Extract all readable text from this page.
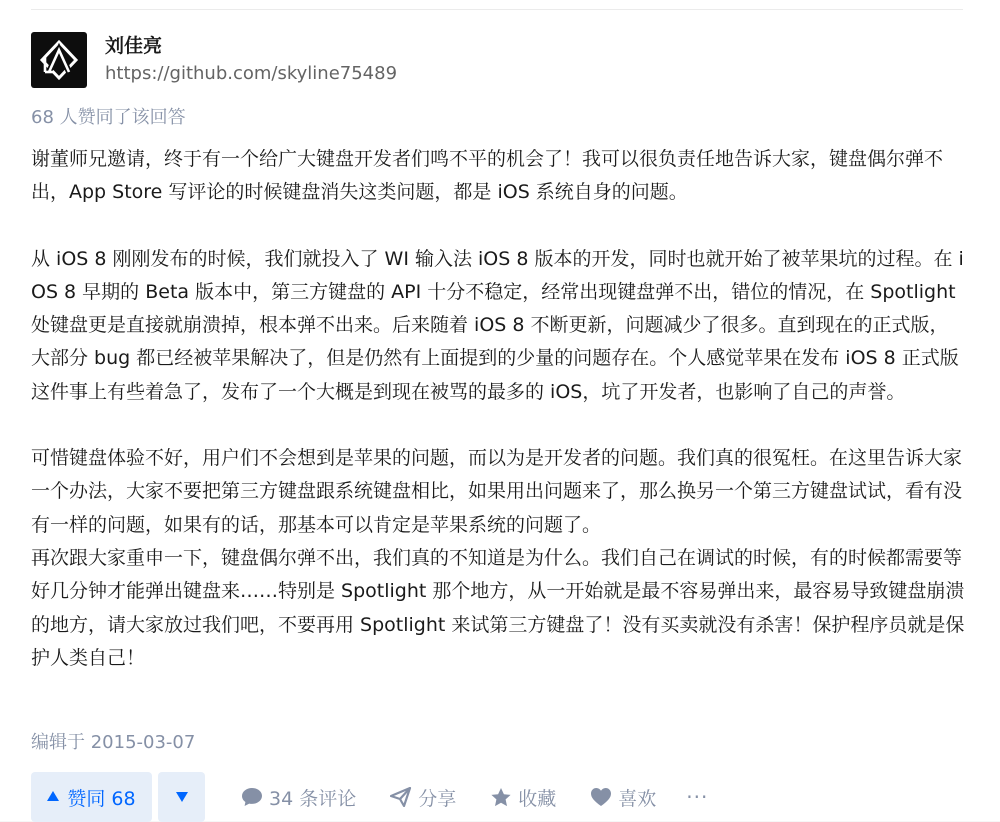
刘佳亮
https://github.com/skyline75489
68 人赞同了该回答

谢董师兄邀请，终于有一个给广大键盘开发者们鸣不平的机会了！我可以很负责任地告诉大家，键盘偶尔弹不出，App Store 写评论的时候键盘消失这类问题，都是 iOS 系统自身的问题。

从 iOS 8 刚刚发布的时候，我们就投入了 WI 输入法 iOS 8 版本的开发，同时也就开始了被苹果坑的过程。在 iOS 8 早期的 Beta 版本中，第三方键盘的 API 十分不稳定，经常出现键盘弹不出，错位的情况，在 Spotlight 处键盘更是直接就崩溃掉，根本弹不出来。后来随着 iOS 8 不断更新，问题减少了很多。直到现在的正式版，大部分 bug 都已经被苹果解决了，但是仍然有上面提到的少量的问题存在。个人感觉苹果在发布 iOS 8 正式版这件事上有些着急了，发布了一个大概是到现在被骂的最多的 iOS，坑了开发者，也影响了自己的声誉。

可惜键盘体验不好，用户们不会想到是苹果的问题，而以为是开发者的问题。我们真的很冤枉。在这里告诉大家一个办法，大家不要把第三方键盘跟系统键盘相比，如果用出问题来了，那么换另一个第三方键盘试试，看有没有一样的问题，如果有的话，那基本可以肯定是苹果系统的问题了。

再次跟大家重申一下，键盘偶尔弹不出，我们真的不知道是为什么。我们自己在调试的时候，有的时候都需要等好几分钟才能弹出键盘来……特别是 Spotlight 那个地方，从一开始就是最不容易弹出来，最容易导致键盘崩溃的地方，请大家放过我们吧，不要再用 Spotlight 来试第三方键盘了！没有买卖就没有杀害！保护程序员就是保护人类自己！

编辑于 2015-03-07
赞同 68	34 条评论	分享	收藏	喜欢 ···
